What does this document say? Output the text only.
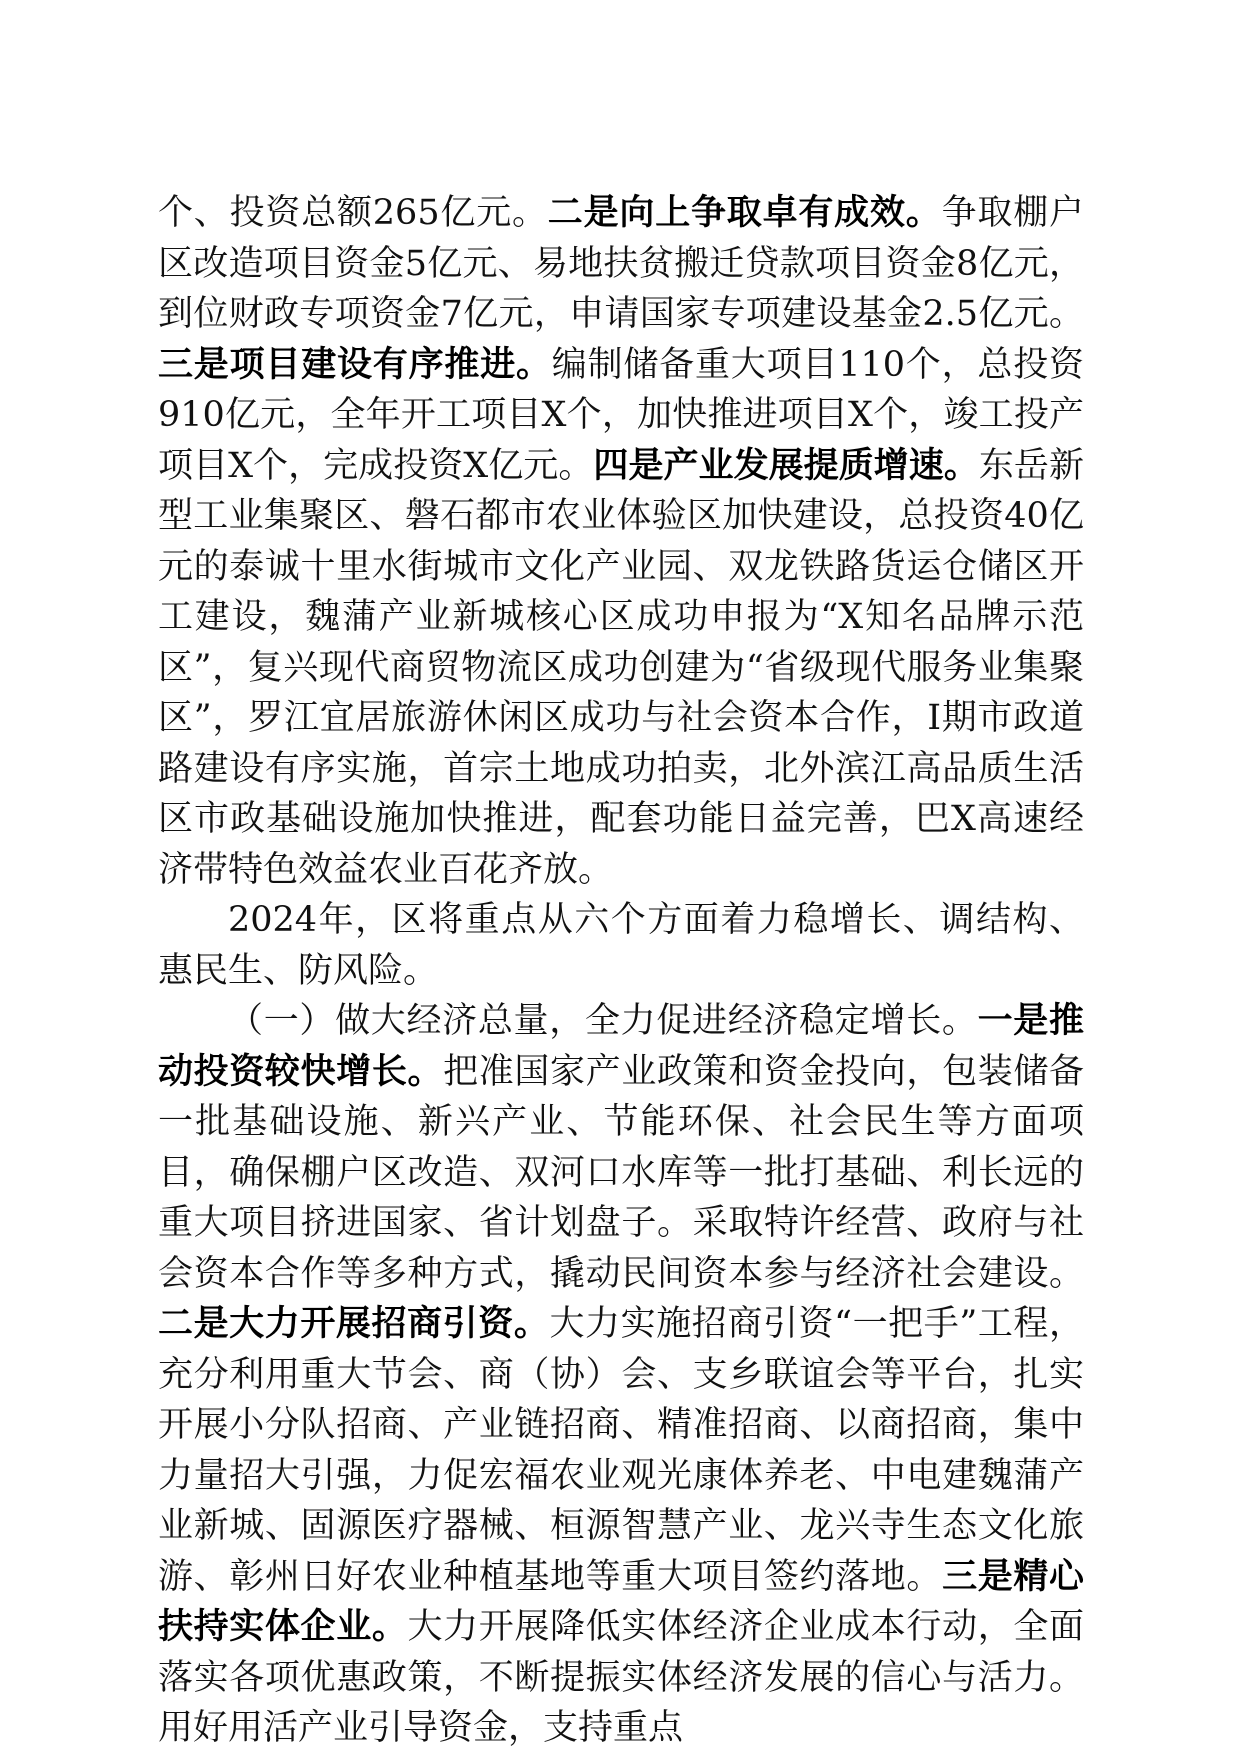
个、投资总额265亿元。二是向上争取卓有成效。争取棚户区改造项目资金5亿元、易地扶贫搬迁贷款项目资金8亿元，到位财政专项资金7亿元，申请国家专项建设基金2.5亿元。三是项目建设有序推进。编制储备重大项目110个，总投资910亿元，全年开工项目X个，加快推进项目X个，竣工投产项目X个，完成投资X亿元。四是产业发展提质增速。东岳新型工业集聚区、磐石都市农业体验区加快建设，总投资40亿元的泰诚十里水街城市文化产业园、双龙铁路货运仓储区开工建设，魏蒲产业新城核心区成功申报为“X知名品牌示范区”，复兴现代商贸物流区成功创建为“省级现代服务业集聚区”，罗江宜居旅游休闲区成功与社会资本合作，I期市政道路建设有序实施，首宗土地成功拍卖，北外滨江高品质生活区市政基础设施加快推进，配套功能日益完善，巴X高速经济带特色效益农业百花齐放。

2024年，区将重点从六个方面着力稳增长、调结构、惠民生、防风险。

（一）做大经济总量，全力促进经济稳定增长。一是推动投资较快增长。把准国家产业政策和资金投向，包装储备一批基础设施、新兴产业、节能环保、社会民生等方面项目，确保棚户区改造、双河口水库等一批打基础、利长远的重大项目挤进国家、省计划盘子。采取特许经营、政府与社会资本合作等多种方式，撬动民间资本参与经济社会建设。二是大力开展招商引资。大力实施招商引资“一把手”工程，充分利用重大节会、商（协）会、支乡联谊会等平台，扎实开展小分队招商、产业链招商、精准招商、以商招商，集中力量招大引强，力促宏福农业观光康体养老、中电建魏蒲产业新城、固源医疗器械、桓源智慧产业、龙兴寺生态文化旅游、彰州日好农业种植基地等重大项目签约落地。三是精心扶持实体企业。大力开展降低实体经济企业成本行动，全面落实各项优惠政策，不断提振实体经济发展的信心与活力。用好用活产业引导资金，支持重点
